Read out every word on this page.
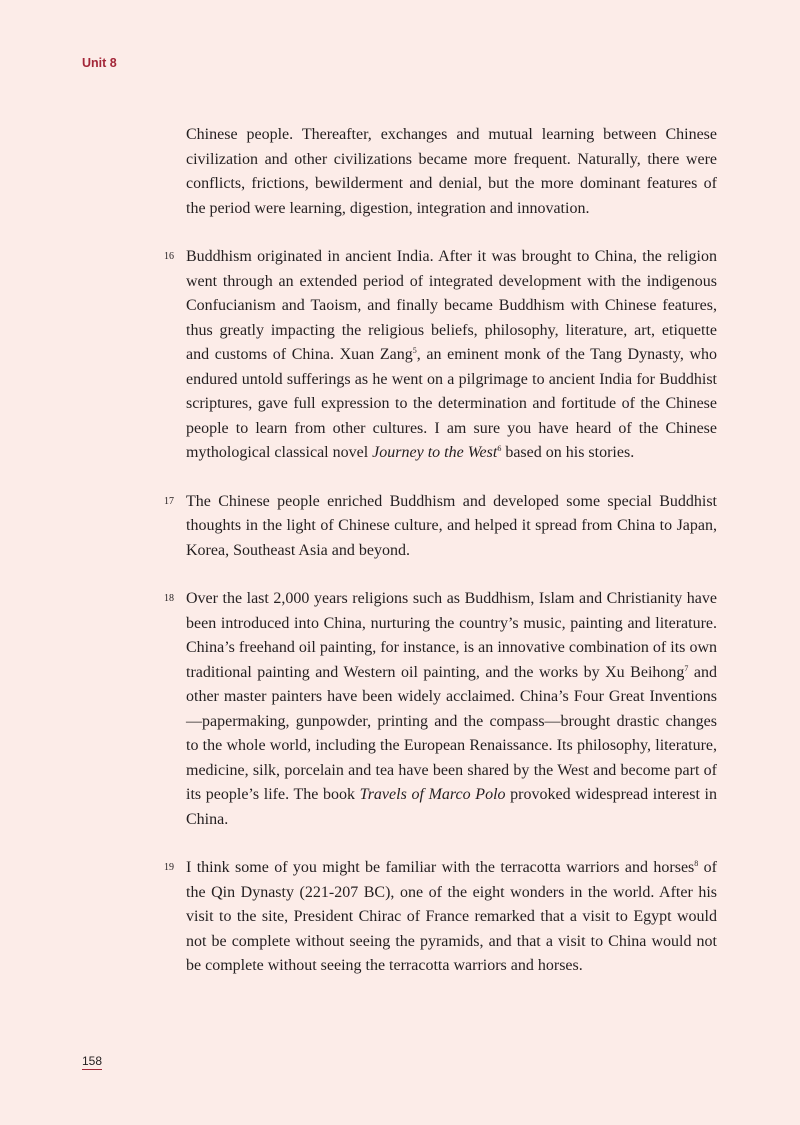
Unit 8

Chinese people. Thereafter, exchanges and mutual learning between Chinese civilization and other civilizations became more frequent. Naturally, there were conflicts, frictions, bewilderment and denial, but the more dominant features of the period were learning, digestion, integration and innovation.

16 Buddhism originated in ancient India. After it was brought to China, the religion went through an extended period of integrated development with the indigenous Confucianism and Taoism, and finally became Buddhism with Chinese features, thus greatly impacting the religious beliefs, philosophy, literature, art, etiquette and customs of China. Xuan Zang$^5$, an eminent monk of the Tang Dynasty, who endured untold sufferings as he went on a pilgrimage to ancient India for Buddhist scriptures, gave full expression to the determination and fortitude of the Chinese people to learn from other cultures. I am sure you have heard of the Chinese mythological classical novel Journey to the West$^6$ based on his stories.

17 The Chinese people enriched Buddhism and developed some special Buddhist thoughts in the light of Chinese culture, and helped it spread from China to Japan, Korea, Southeast Asia and beyond.

18 Over the last 2,000 years religions such as Buddhism, Islam and Christianity have been introduced into China, nurturing the country’s music, painting and literature. China’s freehand oil painting, for instance, is an innovative combination of its own traditional painting and Western oil painting, and the works by Xu Beihong$^7$ and other master painters have been widely acclaimed. China’s Four Great Inventions—papermaking, gunpowder, printing and the compass—brought drastic changes to the whole world, including the European Renaissance. Its philosophy, literature, medicine, silk, porcelain and tea have been shared by the West and become part of its people’s life. The book Travels of Marco Polo provoked widespread interest in China.

19 I think some of you might be familiar with the terracotta warriors and horses$^8$ of the Qin Dynasty (221-207 BC), one of the eight wonders in the world. After his visit to the site, President Chirac of France remarked that a visit to Egypt would not be complete without seeing the pyramids, and that a visit to China would not be complete without seeing the terracotta warriors and horses.

158
